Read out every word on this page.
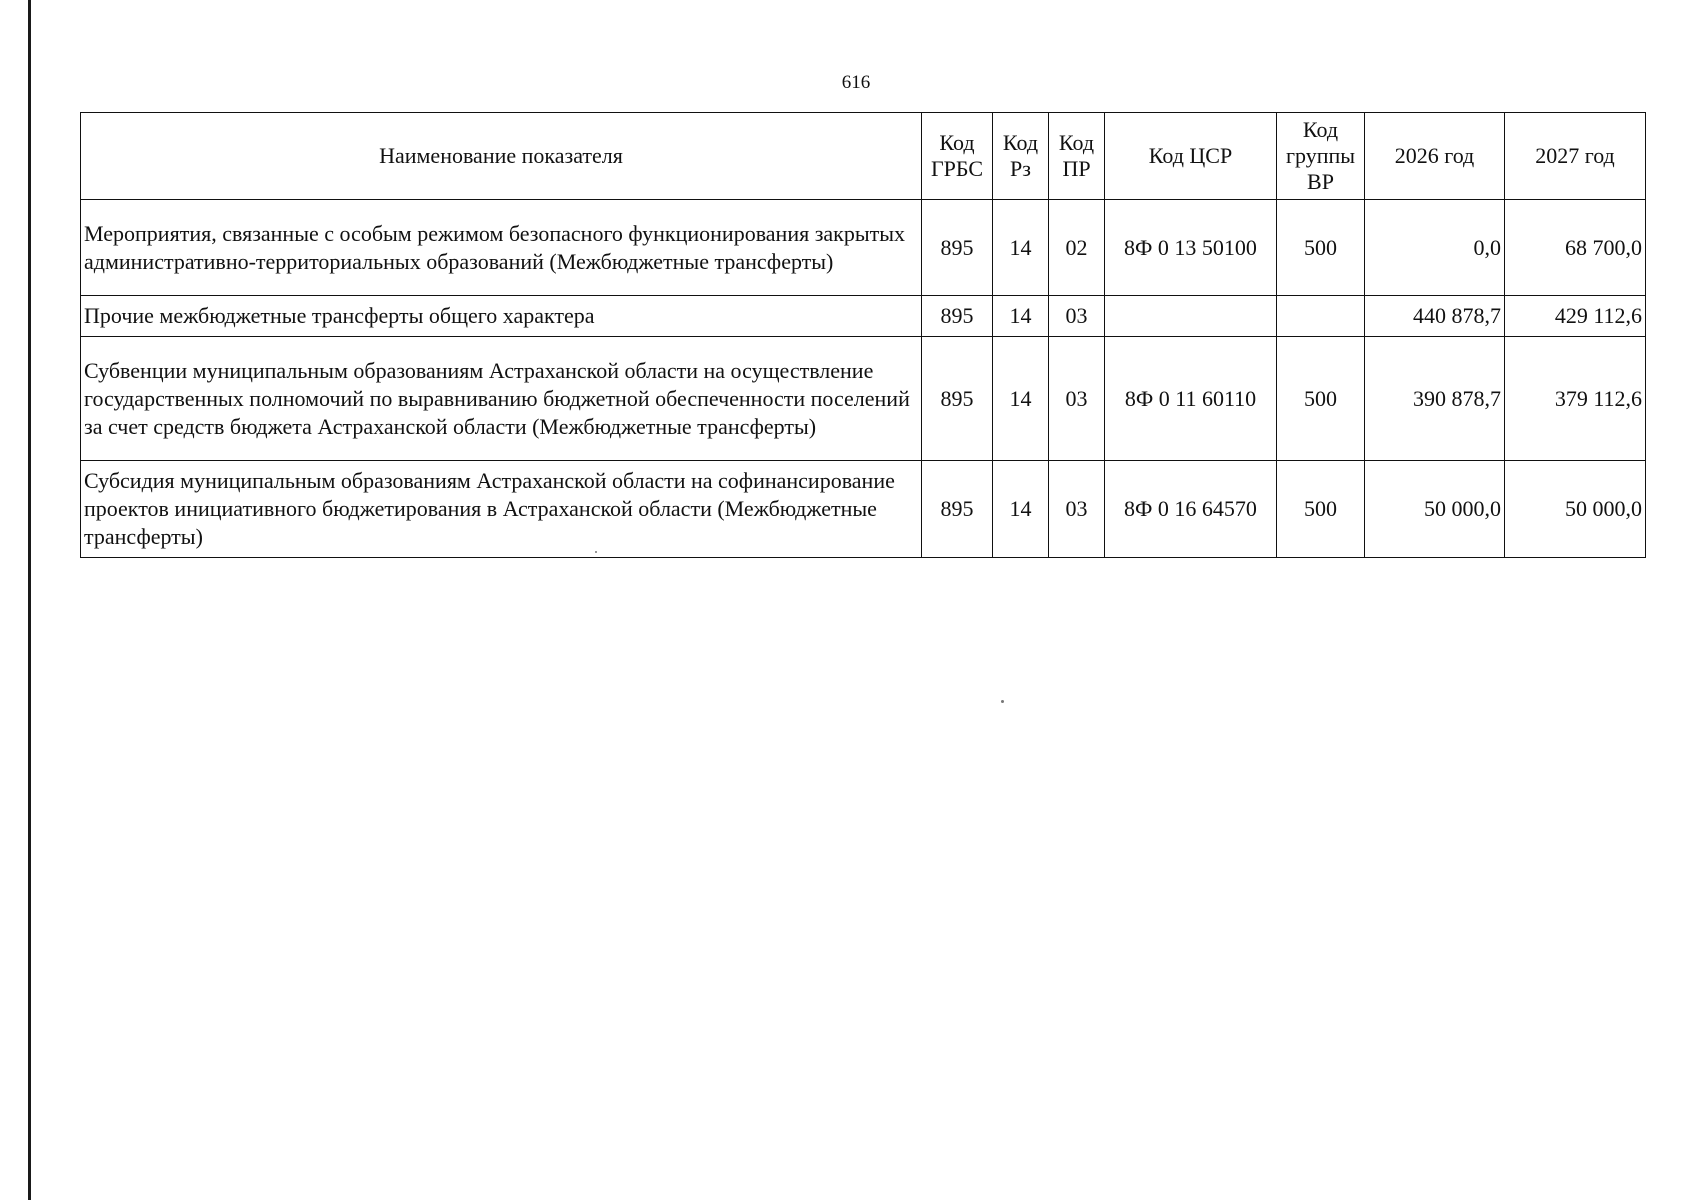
616
Наименование показателя	Код ГРБС	Код Рз	Код ПР	Код ЦСР	Код группы ВР	2026 год	2027 год
Мероприятия, связанные с особым режимом безопасного функционирования закрытых административно-территориальных образований (Межбюджетные трансферты)	895	14	02	8Ф 0 13 50100	500	0,0	68 700,0
Прочие межбюджетные трансферты общего характера	895	14	03			440 878,7	429 112,6
Субвенции муниципальным образованиям Астраханской области на осуществление государственных полномочий по выравниванию бюджетной обеспеченности поселений за счет средств бюджета Астраханской области (Межбюджетные трансферты)	895	14	03	8Ф 0 11 60110	500	390 878,7	379 112,6
Субсидия муниципальным образованиям Астраханской области на софинансирование проектов инициативного бюджетирования в Астраханской области (Межбюджетные трансферты)	895	14	03	8Ф 0 16 64570	500	50 000,0	50 000,0
